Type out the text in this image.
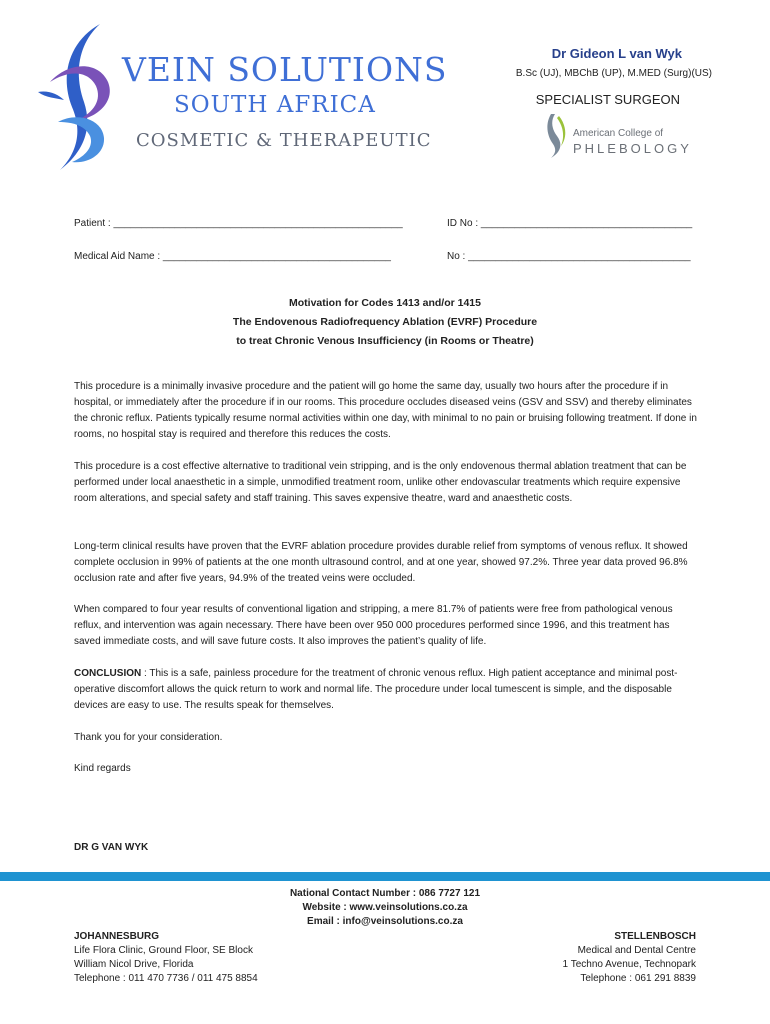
VEIN SOLUTIONS
SOUTH AFRICA
COSMETIC & THERAPEUTIC
Dr Gideon L van Wyk
B.Sc (UJ), MBChB (UP), M.MED (Surg)(US)
SPECIALIST SURGEON
American College of
PHLEBOLOGY
Patient : ____________________________________________________	ID No : ______________________________________
Medical Aid Name : _________________________________________	No : ________________________________________
Motivation for Codes 1413 and/or 1415
The Endovenous Radiofrequency Ablation (EVRF) Procedure
to treat Chronic Venous Insufficiency (in Rooms or Theatre)

This procedure is a minimally invasive procedure and the patient will go home the same day, usually two hours after the procedure if in hospital, or immediately after the procedure if in our rooms. This procedure occludes diseased veins (GSV and SSV) and thereby eliminates the chronic reflux. Patients typically resume normal activities within one day, with minimal to no pain or bruising following treatment. If done in rooms, no hospital stay is required and therefore this reduces the costs.

This procedure is a cost effective alternative to traditional vein stripping, and is the only endovenous thermal ablation treatment that can be performed under local anaesthetic in a simple, unmodified treatment room, unlike other endovascular treatments which require expensive room alterations, and special safety and staff training. This saves expensive theatre, ward and anaesthetic costs.

Long-term clinical results have proven that the EVRF ablation procedure provides durable relief from symptoms of venous reflux. It showed complete occlusion in 99% of patients at the one month ultrasound control, and at one year, showed 97.2%. Three year data proved 96.8% occlusion rate and after five years, 94.9% of the treated veins were occluded.

When compared to four year results of conventional ligation and stripping, a mere 81.7% of patients were free from pathological venous reflux, and intervention was again necessary. There have been over 950 000 procedures performed since 1996, and this treatment has saved immediate costs, and will save future costs. It also improves the patient’s quality of life.

CONCLUSION : This is a safe, painless procedure for the treatment of chronic venous reflux. High patient acceptance and minimal post-operative discomfort allows the quick return to work and normal life. The procedure under local tumescent is simple, and the disposable devices are easy to use. The results speak for themselves.

Thank you for your consideration.
Kind regards
DR G VAN WYK
National Contact Number : 086 7727 121
Website : www.veinsolutions.co.za
Email : info@veinsolutions.co.za
JOHANNESBURG
Life Flora Clinic, Ground Floor, SE Block
William Nicol Drive, Florida
Telephone : 011 470 7736 / 011 475 8854
STELLENBOSCH
Medical and Dental Centre
1 Techno Avenue, Technopark
Telephone : 061 291 8839
